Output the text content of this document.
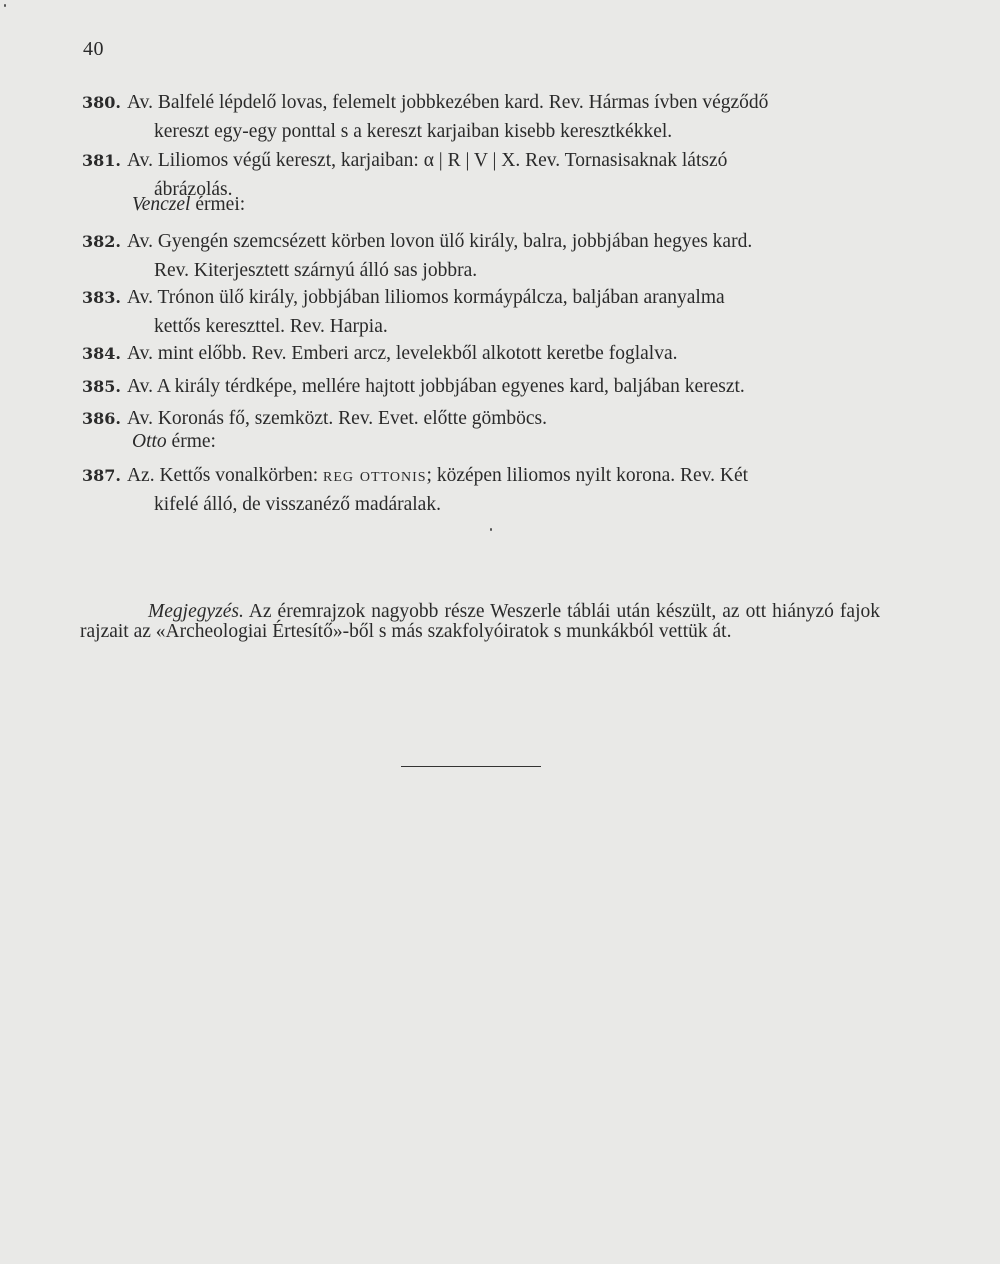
40
380. Av. Balfelé lépdelő lovas, felemelt jobbkezében kard. Rev. Hármas ívben végződő
kereszt egy-egy ponttal s a kereszt karjaiban kisebb keresztkékkel.
381. Av. Liliomos végű kereszt, karjaiban: α | R | V | X. Rev. Tornasisaknak látszó
ábrázolás.
Venczel érmei:
382. Av. Gyengén szemcsézett körben lovon ülő király, balra, jobbjában hegyes kard.
Rev. Kiterjesztett szárnyú álló sas jobbra.
383. Av. Trónon ülő király, jobbjában liliomos kormáypálcza, baljában aranyalma
kettős kereszttel. Rev. Harpia.
384. Av. mint előbb. Rev. Emberi arcz, levelekből alkotott keretbe foglalva.
385. Av. A király térdképe, mellére hajtott jobbjában egyenes kard, baljában kereszt.
386. Av. Koronás fő, szemközt. Rev. Evet. előtte gömböcs.
Otto érme:
387. Az. Kettős vonalkörben: reg ottonis; középen liliomos nyilt korona. Rev. Két
kifelé álló, de visszanéző madáralak.
Megjegyzés. Az éremrajzok nagyobb része Weszerle táblái után készült, az ott hiányzó fajok rajzait az «Archeologiai Értesítő»-ből s más szakfolyóiratok s munkákból vettük át.
